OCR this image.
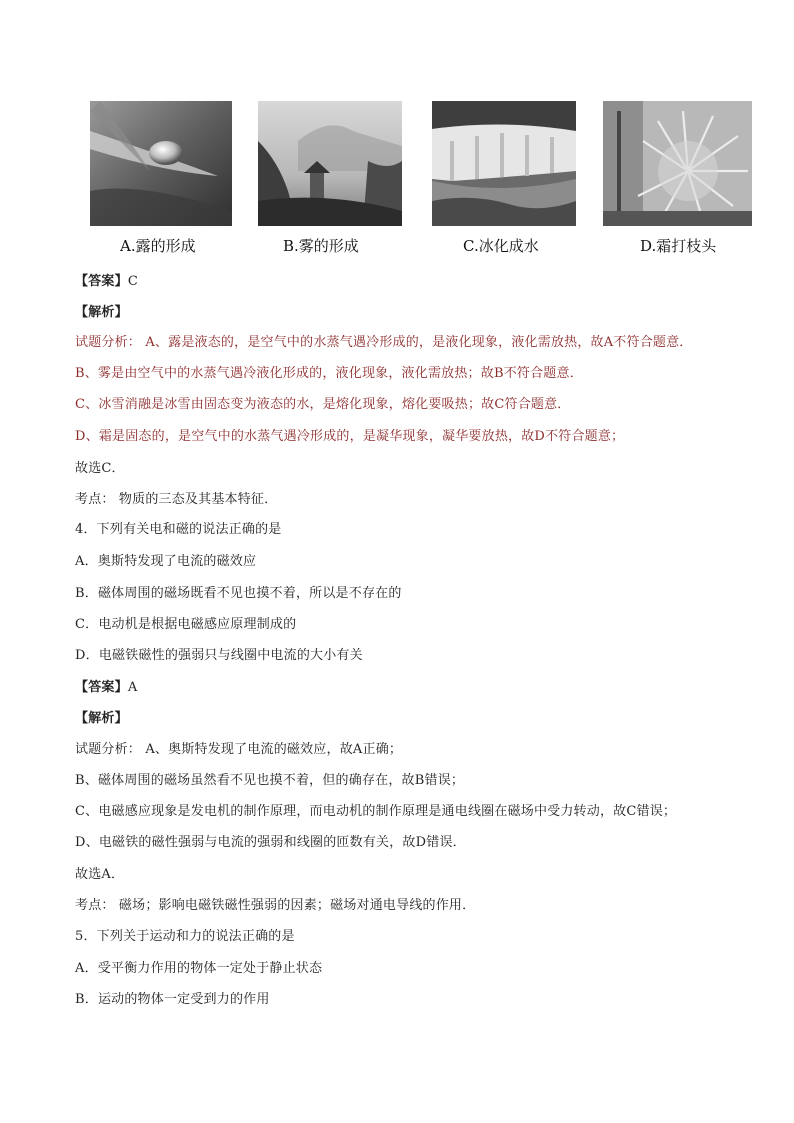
A.露的形成	B.雾的形成	C.冰化成水	D.霜打枝头
【答案】C
【解析】
试题分析： A、露是液态的，是空气中的水蒸气遇冷形成的，是液化现象，液化需放热，故A不符合题意．
B、雾是由空气中的水蒸气遇冷液化形成的，液化现象，液化需放热；故B不符合题意．
C、冰雪消融是冰雪由固态变为液态的水，是熔化现象，熔化要吸热；故C符合题意．
D、霜是固态的，是空气中的水蒸气遇冷形成的，是凝华现象，凝华要放热，故D不符合题意；
故选C．
考点： 物质的三态及其基本特征．
4．下列有关电和磁的说法正确的是
A．奥斯特发现了电流的磁效应
B．磁体周围的磁场既看不见也摸不着，所以是不存在的
C．电动机是根据电磁感应原理制成的
D．电磁铁磁性的强弱只与线圈中电流的大小有关
【答案】A
【解析】
试题分析： A、奥斯特发现了电流的磁效应，故A正确；
B、磁体周围的磁场虽然看不见也摸不着，但的确存在，故B错误；
C、电磁感应现象是发电机的制作原理，而电动机的制作原理是通电线圈在磁场中受力转动，故C错误；
D、电磁铁的磁性强弱与电流的强弱和线圈的匝数有关，故D错误．
故选A．
考点： 磁场；影响电磁铁磁性强弱的因素；磁场对通电导线的作用．
5．下列关于运动和力的说法正确的是
A．受平衡力作用的物体一定处于静止状态
B．运动的物体一定受到力的作用
